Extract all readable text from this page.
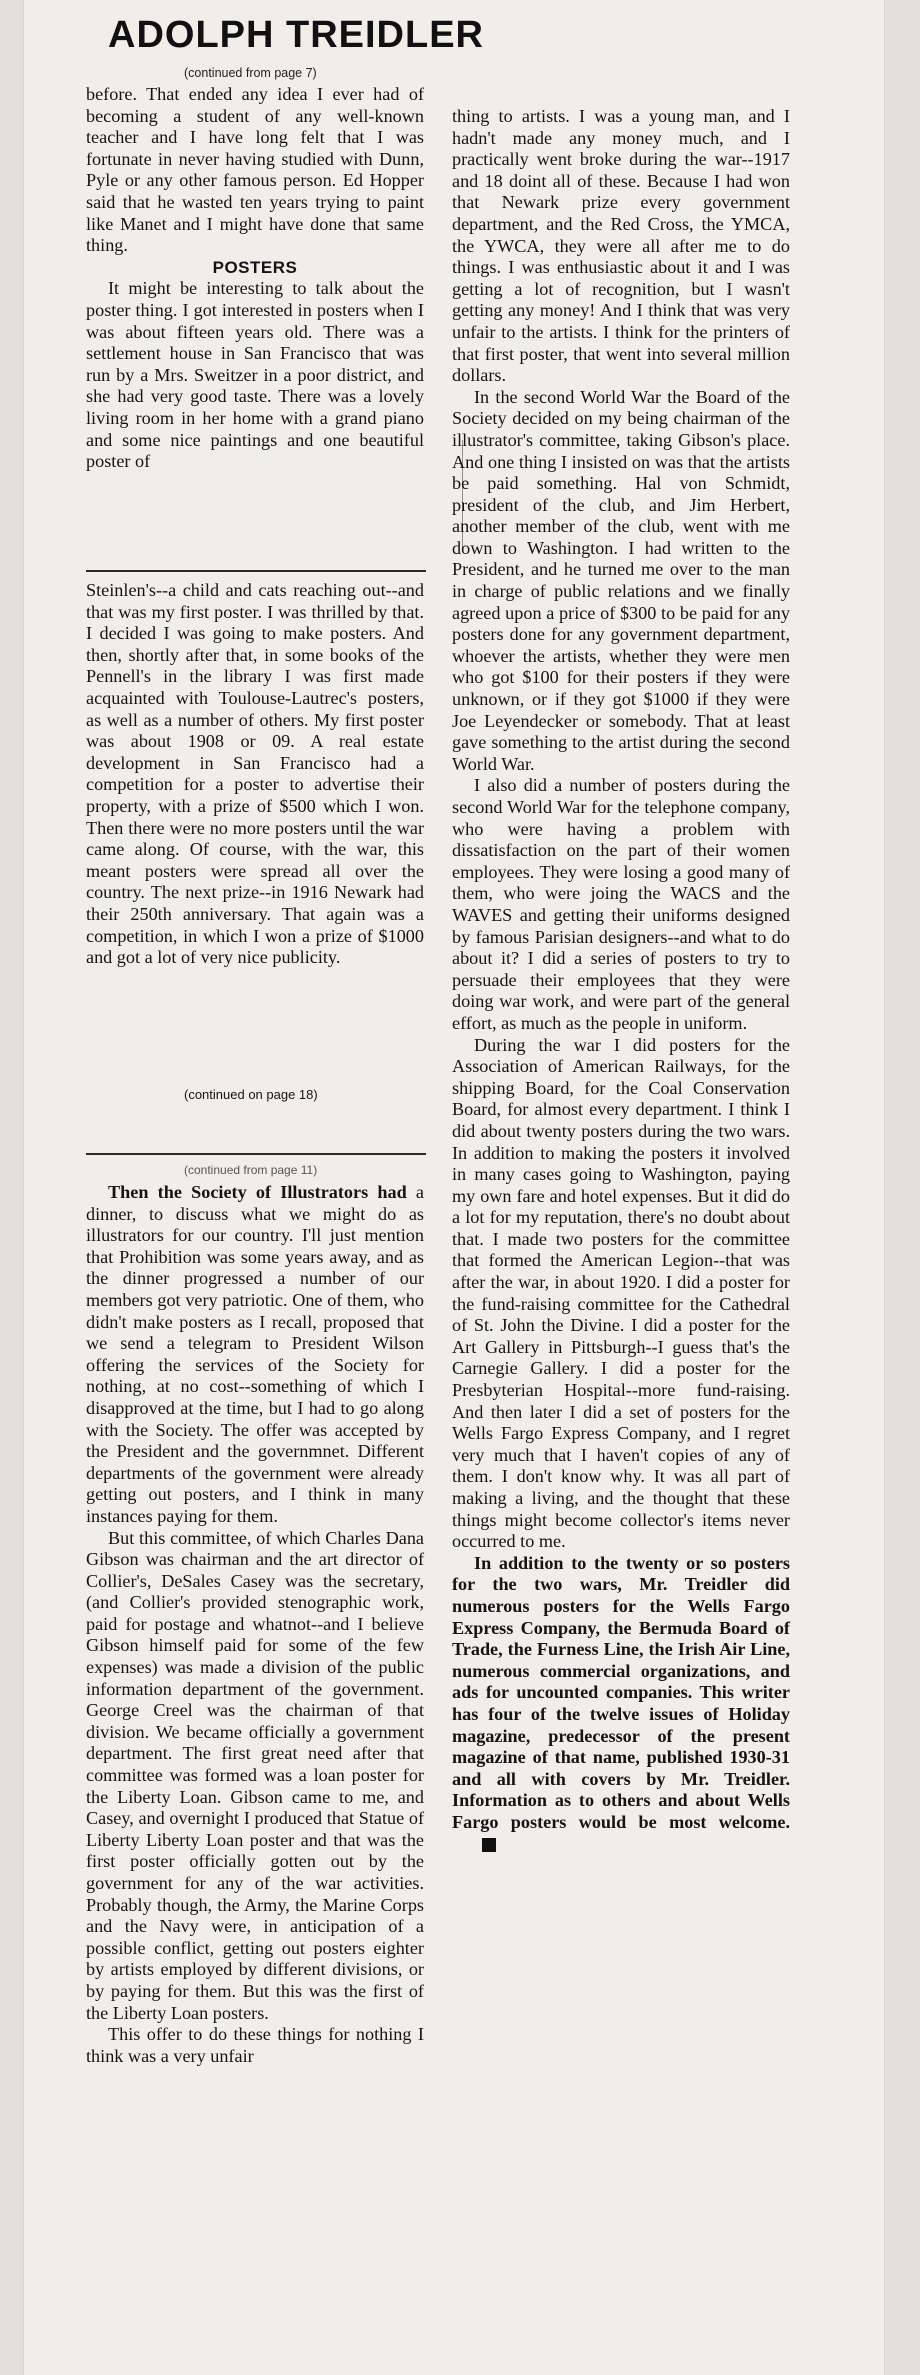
ADOLPH TREIDLER
(continued from page 7)

before. That ended any idea I ever had of becoming a student of any well-known teacher and I have long felt that I was fortunate in never having studied with Dunn, Pyle or any other famous person. Ed Hopper said that he wasted ten years trying to paint like Manet and I might have done that same thing.

POSTERS

It might be interesting to talk about the poster thing. I got interested in posters when I was about fifteen years old. There was a settlement house in San Francisco that was run by a Mrs. Sweitzer in a poor district, and she had very good taste. There was a lovely living room in her home with a grand piano and some nice paintings and one beautiful poster of

Steinlen's--a child and cats reaching out--and that was my first poster. I was thrilled by that. I decided I was going to make posters. And then, shortly after that, in some books of the Pennell's in the library I was first made acquainted with Toulouse-Lautrec's posters, as well as a number of others. My first poster was about 1908 or 09. A real estate development in San Francisco had a competition for a poster to advertise their property, with a prize of $500 which I won. Then there were no more posters until the war came along. Of course, with the war, this meant posters were spread all over the country. The next prize--in 1916 Newark had their 250th anniversary. That again was a competition, in which I won a prize of $1000 and got a lot of very nice publicity.

(continued on page 18)
(continued from page 11)

Then the Society of Illustrators had a dinner, to discuss what we might do as illustrators for our country. I'll just mention that Prohibition was some years away, and as the dinner progressed a number of our members got very patriotic. One of them, who didn't make posters as I recall, proposed that we send a telegram to President Wilson offering the services of the Society for nothing, at no cost--something of which I disapproved at the time, but I had to go along with the Society. The offer was accepted by the President and the governmnet. Different departments of the government were already getting out posters, and I think in many instances paying for them.

But this committee, of which Charles Dana Gibson was chairman and the art director of Collier's, DeSales Casey was the secretary, (and Collier's provided stenographic work, paid for postage and whatnot--and I believe Gibson himself paid for some of the few expenses) was made a division of the public information department of the government. George Creel was the chairman of that division. We became officially a government department. The first great need after that committee was formed was a loan poster for the Liberty Loan. Gibson came to me, and Casey, and overnight I produced that Statue of Liberty Liberty Loan poster and that was the first poster officially gotten out by the government for any of the war activities. Probably though, the Army, the Marine Corps and the Navy were, in anticipation of a possible conflict, getting out posters eighter by artists employed by different divisions, or by paying for them. But this was the first of the Liberty Loan posters.

This offer to do these things for nothing I think was a very unfair

thing to artists. I was a young man, and I hadn't made any money much, and I practically went broke during the war--1917 and 18 doint all of these. Because I had won that Newark prize every government department, and the Red Cross, the YMCA, the YWCA, they were all after me to do things. I was enthusiastic about it and I was getting a lot of recognition, but I wasn't getting any money! And I think that was very unfair to the artists. I think for the printers of that first poster, that went into several million dollars.

In the second World War the Board of the Society decided on my being chairman of the illustrator's committee, taking Gibson's place. And one thing I insisted on was that the artists be paid something. Hal von Schmidt, president of the club, and Jim Herbert, another member of the club, went with me down to Washington. I had written to the President, and he turned me over to the man in charge of public relations and we finally agreed upon a price of $300 to be paid for any posters done for any government department, whoever the artists, whether they were men who got $100 for their posters if they were unknown, or if they got $1000 if they were Joe Leyendecker or somebody. That at least gave something to the artist during the second World War.

I also did a number of posters during the second World War for the telephone company, who were having a problem with dissatisfaction on the part of their women employees. They were losing a good many of them, who were joing the WACS and the WAVES and getting their uniforms designed by famous Parisian designers--and what to do about it? I did a series of posters to try to persuade their employees that they were doing war work, and were part of the general effort, as much as the people in uniform.

During the war I did posters for the Association of American Railways, for the shipping Board, for the Coal Conservation Board, for almost every department. I think I did about twenty posters during the two wars. In addition to making the posters it involved in many cases going to Washington, paying my own fare and hotel expenses. But it did do a lot for my reputation, there's no doubt about that. I made two posters for the committee that formed the American Legion--that was after the war, in about 1920. I did a poster for the fund-raising committee for the Cathedral of St. John the Divine. I did a poster for the Art Gallery in Pittsburgh--I guess that's the Carnegie Gallery. I did a poster for the Presbyterian Hospital--more fund-raising. And then later I did a set of posters for the Wells Fargo Express Company, and I regret very much that I haven't copies of any of them. I don't know why. It was all part of making a living, and the thought that these things might become collector's items never occurred to me.

In addition to the twenty or so posters for the two wars, Mr. Treidler did numerous posters for the Wells Fargo Express Company, the Bermuda Board of Trade, the Furness Line, the Irish Air Line, numerous commercial organizations, and ads for uncounted companies. This writer has four of the twelve issues of Holiday magazine, predecessor of the present magazine of that name, published 1930-31 and all with covers by Mr. Treidler. Information as to others and about Wells Fargo posters would be most welcome.
